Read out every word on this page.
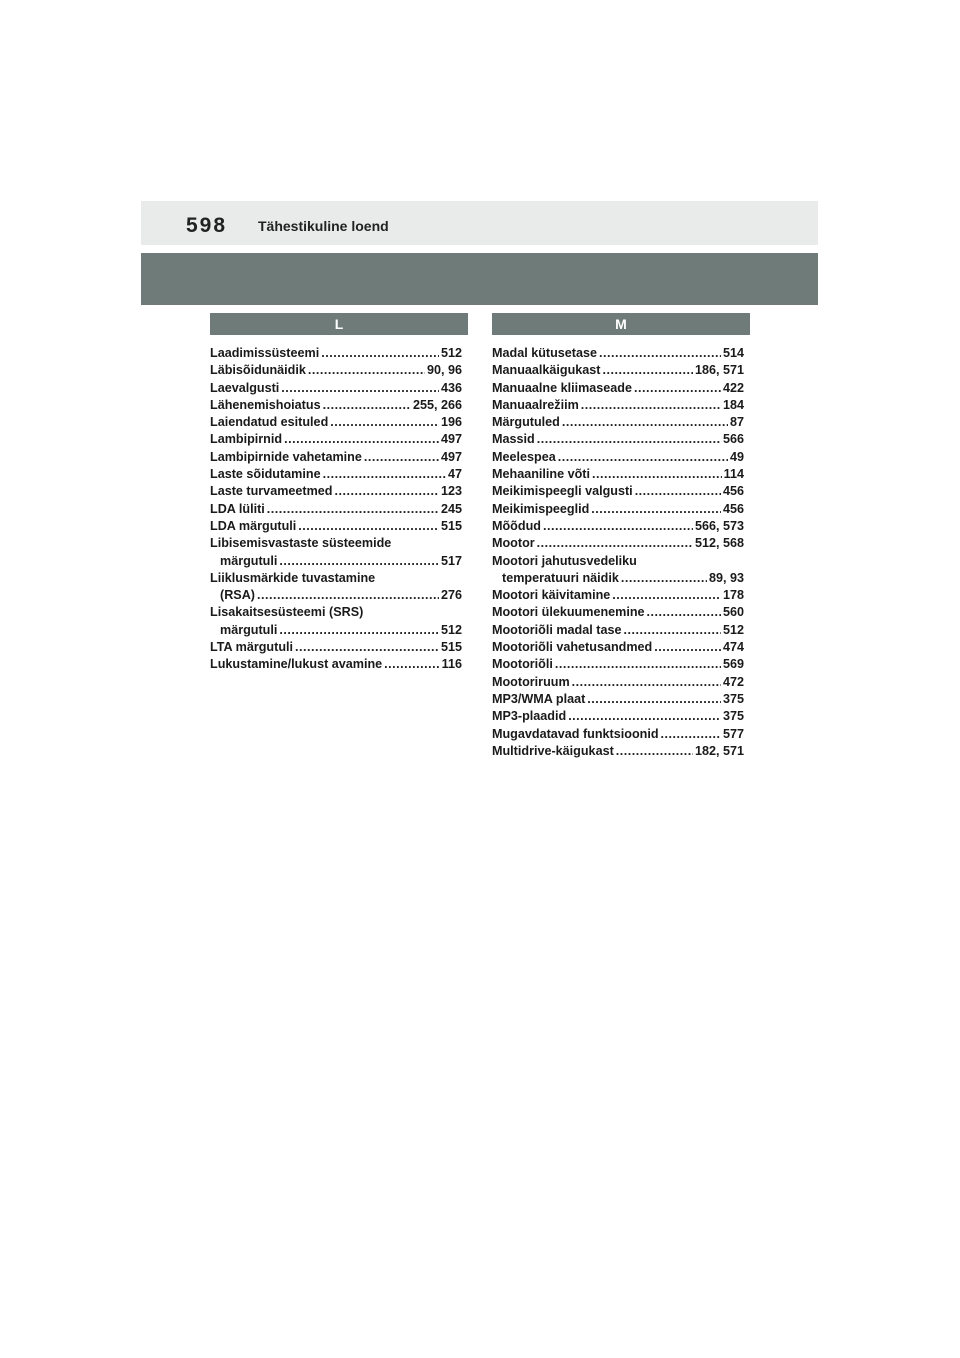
598 Tähestikuline loend
L
Laadimissüsteemi .....	512
Läbisõidunäidik .....	90, 96
Laevalgusti .....	436
Lähenemishoiatus .....	255, 266
Laiendatud esituled .....	196
Lambipirnid .....	497
Lambipirnide vahetamine .....	497
Laste sõidutamine .....	47
Laste turvameetmed .....	123
LDA lüliti .....	245
LDA märgutuli .....	515
Libisemisvastaste süsteemide
märgutuli .....	517
Liiklusmärkide tuvastamine
(RSA) .....	276
Lisakaitsesüsteemi (SRS)
märgutuli .....	512
LTA märgutuli .....	515
Lukustamine/lukust avamine .....	116
M
Madal kütusetase .....	514
Manuaalkäigukast .....	186, 571
Manuaalne kliimaseade .....	422
Manuaalrežiim .....	184
Märgutuled .....	87
Massid .....	566
Meelespea .....	49
Mehaaniline võti .....	114
Meikimispeegli valgusti .....	456
Meikimispeeglid .....	456
Mõõdud .....	566, 573
Mootor .....	512, 568
Mootori jahutusvedeliku
temperatuuri näidik .....	89, 93
Mootori käivitamine .....	178
Mootori ülekuumenemine .....	560
Mootoriõli madal tase .....	512
Mootoriõli vahetusandmed .....	474
Mootoriõli .....	569
Mootoriruum .....	472
MP3/WMA plaat .....	375
MP3-plaadid .....	375
Mugavdatavad funktsioonid .....	577
Multidrive-käigukast .....	182, 571
